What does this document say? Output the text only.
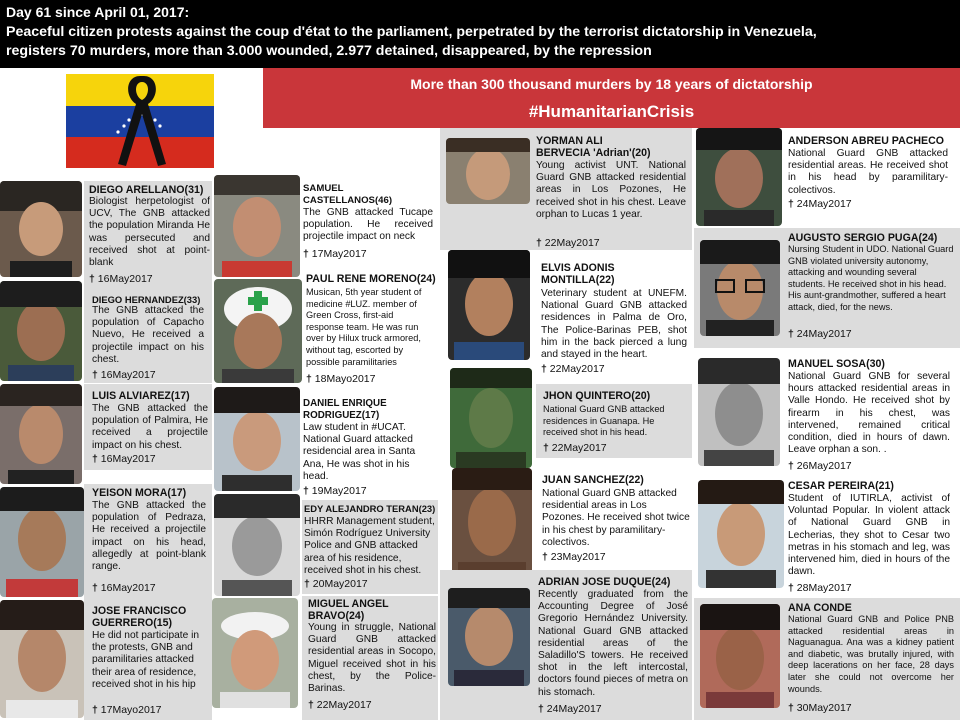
Day 61 since April 01, 2017:
Peaceful citizen protests against the coup d'état to the parliament, perpetrated by the terrorist dictatorship in Venezuela,
registers 70 murders, more than 3.000 wounded, 2.977 detained, disappeared, by the repression
More than 300 thousand murders by 18 years of dictatorship
#HumanitarianCrisis
DIEGO ARELLANO(31)
Biologist herpetologist of UCV, The GNB attacked the population Miranda He was persecuted and received shot at point-blank
† 16May2017
DIEGO HERNANDEZ(33)
The GNB attacked the population of Capacho Nuevo, He received a projectile impact on his chest.
† 16May2017
LUIS ALVIAREZ(17)
The GNB attacked the population of Palmira, He received a projectile impact on his chest.
† 16May2017
YEISON MORA(17)
The GNB attacked the population of Pedraza, He received a projectile impact on his head, allegedly at point-blank range.
† 16May2017
JOSE FRANCISCO GUERRERO(15)
He did not participate in the protests, GNB and paramilitaries attacked their area of residence, received shot in his hip
† 17Mayo2017
SAMUEL CASTELLANOS(46)
The GNB attacked Tucape population. He received projectile impact on neck
† 17May2017
PAUL RENE MORENO(24)
Musican, 5th year student of medicine #LUZ. member of Green Cross, first-aid response team. He was run over by Hilux truck armored, without tag, escorted by possible paramilitaries
† 18Mayo2017
DANIEL ENRIQUE RODRIGUEZ(17)
Law student in #UCAT. National Guard attacked residencial area in Santa Ana, He was shot in his head.
† 19May2017
EDY ALEJANDRO TERAN(23)
HHRR Management student, Simón Rodríguez University Police and GNB attacked area of his residence, received shot in his chest.
† 20May2017
MIGUEL ANGEL BRAVO(24)
Young in struggle, National Guard GNB attacked residential areas in Socopo, Miguel received shot in his chest, by the Police-Barinas.
† 22May2017
YORMAN ALI BERVECIA 'Adrian'(20)
Young activist UNT. National Guard GNB attacked residential areas in Los Pozones, He received shot in his chest. Leave orphan to Lucas 1 year.
† 22May2017
ELVIS ADONIS MONTILLA(22)
Veterinary student at UNEFM. National Guard GNB attacked residences in Palma de Oro, The Police-Barinas PEB, shot him in the back pierced a lung and stayed in the heart.
† 22May2017
JHON QUINTERO(20)
National Guard GNB attacked residences in Guanapa. He received shot in his head.
† 22May2017
JUAN SANCHEZ(22)
National Guard GNB attacked residential areas in Los Pozones. He received shot twice in his chest by paramilitary-colectivos.
† 23May2017
ADRIAN JOSE DUQUE(24)
Recently graduated from the Accounting Degree of José Gregorio Hernández University. National Guard GNB attacked residential areas of the Saladillo'S towers. He received shot in the left intercostal, doctors found pieces of metra on his stomach.
† 24May2017
ANDERSON ABREU PACHECO
National Guard GNB attacked residential areas. He received shot in his head by paramilitary-colectivos.
† 24May2017
AUGUSTO SERGIO PUGA(24)
Nursing Student in UDO. National Guard GNB violated university autonomy, attacking and wounding several students. He received shot in his head. His aunt-grandmother, suffered a heart attack, died, for the news.
† 24May2017
MANUEL SOSA(30)
National Guard GNB for several hours attacked residential areas in Valle Hondo. He received shot by firearm in his chest, was intervened, remained critical condition, died in hours of dawn. Leave orphan a son. .
† 26May2017
CESAR PEREIRA(21)
Student of IUTIRLA, activist of Voluntad Popular. In violent attack of National Guard GNB in Lecherias, they shot to Cesar two metras in his stomach and leg, was intervened him, died in hours of the dawn.
† 28May2017
ANA CONDE
National Guard GNB and Police PNB attacked residential areas in Naguanagua. Ana was a kidney patient and diabetic, was brutally injured, with deep lacerations on her face, 28 days later she could not overcome her wounds.
† 30May2017
